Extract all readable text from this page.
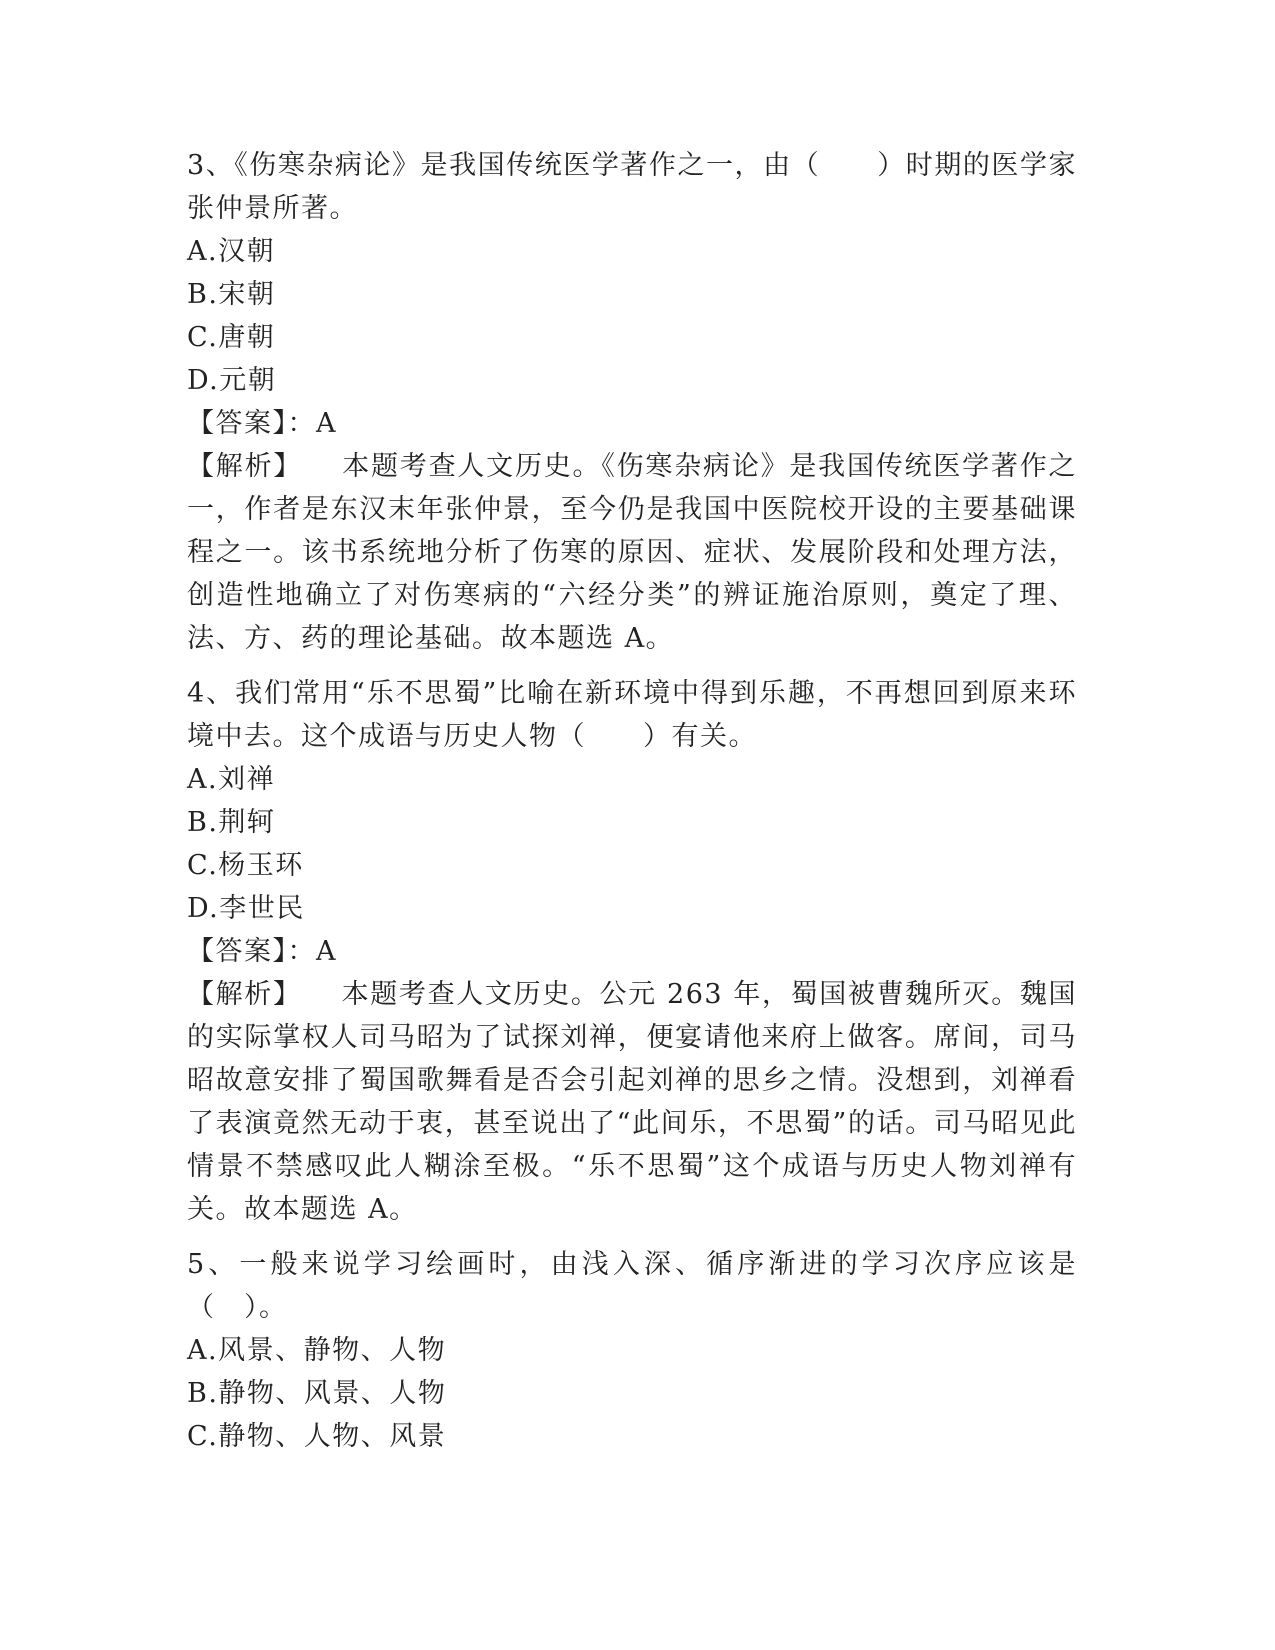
3、《伤寒杂病论》是我国传统医学著作之一，由（　　）时期的医学家张仲景所著。

A.汉朝

B.宋朝

C.唐朝

D.元朝

【答案】：A

【解析】 本题考查人文历史。《伤寒杂病论》是我国传统医学著作之一，作者是东汉末年张仲景，至今仍是我国中医院校开设的主要基础课程之一。该书系统地分析了伤寒的原因、症状、发展阶段和处理方法，创造性地确立了对伤寒病的“六经分类”的辨证施治原则，奠定了理、法、方、药的理论基础。故本题选 A。

4、我们常用“乐不思蜀”比喻在新环境中得到乐趣，不再想回到原来环境中去。这个成语与历史人物（　　）有关。

A.刘禅

B.荆轲

C.杨玉环

D.李世民

【答案】：A

【解析】 本题考查人文历史。公元 263 年，蜀国被曹魏所灭。魏国的实际掌权人司马昭为了试探刘禅，便宴请他来府上做客。席间，司马昭故意安排了蜀国歌舞看是否会引起刘禅的思乡之情。没想到，刘禅看了表演竟然无动于衷，甚至说出了“此间乐，不思蜀”的话。司马昭见此情景不禁感叹此人糊涂至极。“乐不思蜀”这个成语与历史人物刘禅有关。故本题选 A。

5、一般来说学习绘画时，由浅入深、循序渐进的学习次序应该是（　）。

A.风景、静物、人物

B.静物、风景、人物

C.静物、人物、风景
